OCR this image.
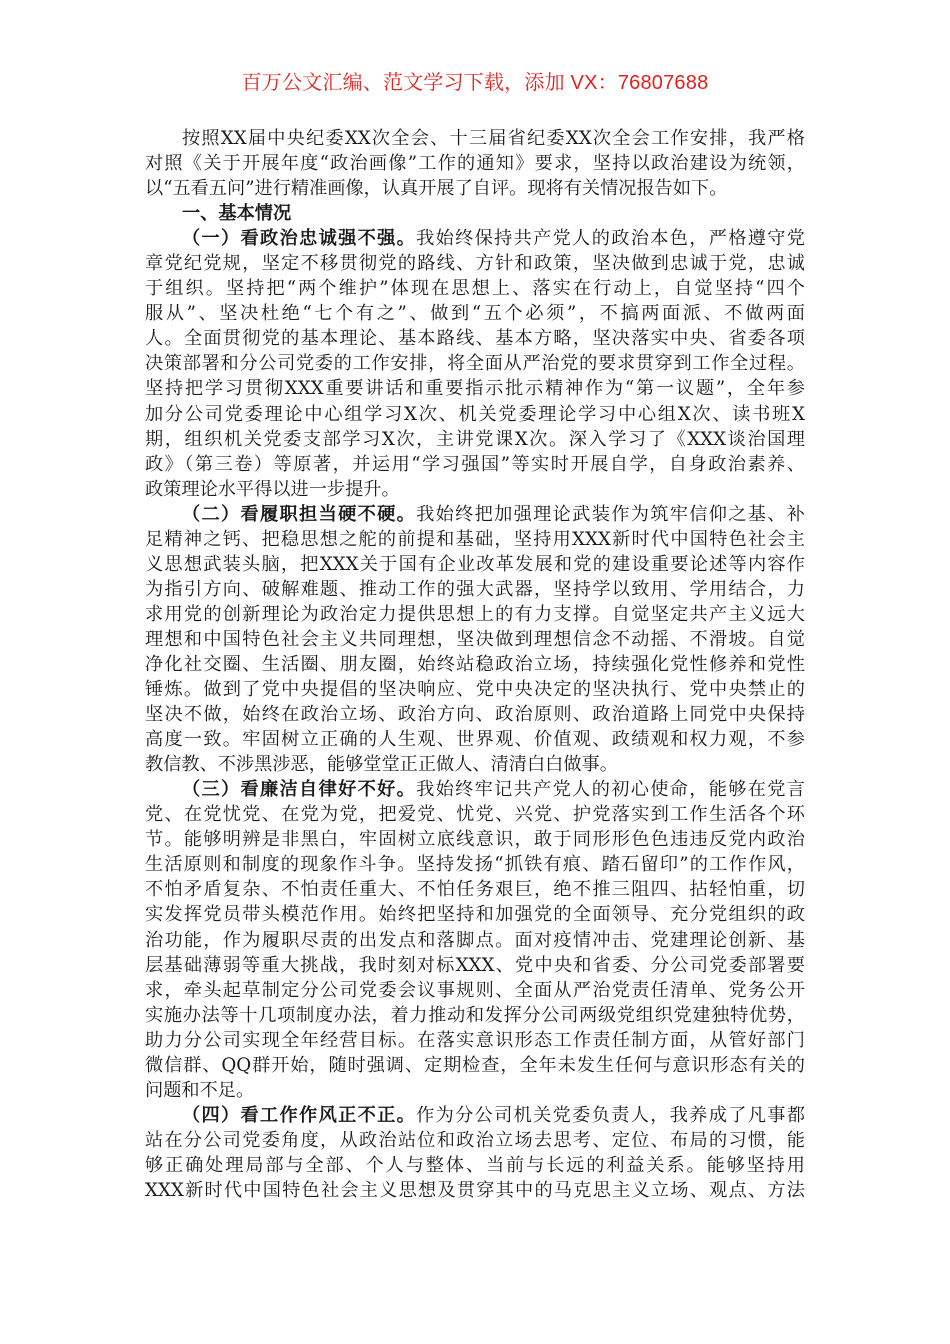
百万公文汇编、范文学习下载，添加 VX：76807688
按照XX届中央纪委XX次全会、十三届省纪委XX次全会工作安排，我严格
对照《关于开展年度“政治画像”工作的通知》要求，坚持以政治建设为统领，
以“五看五问”进行精准画像，认真开展了自评。现将有关情况报告如下。
一、基本情况
（一）看政治忠诚强不强。我始终保持共产党人的政治本色，严格遵守党
章党纪党规，坚定不移贯彻党的路线、方针和政策，坚决做到忠诚于党，忠诚
于组织。坚持把“两个维护”体现在思想上、落实在行动上，自觉坚持“四个
服从”、坚决杜绝“七个有之”、做到“五个必须”，不搞两面派、不做两面
人。全面贯彻党的基本理论、基本路线、基本方略，坚决落实中央、省委各项
决策部署和分公司党委的工作安排，将全面从严治党的要求贯穿到工作全过程。
坚持把学习贯彻XXX重要讲话和重要指示批示精神作为“第一议题”，全年参
加分公司党委理论中心组学习X次、机关党委理论学习中心组X次、读书班X
期，组织机关党委支部学习X次，主讲党课X次。深入学习了《XXX谈治国理
政》（第三卷）等原著，并运用“学习强国”等实时开展自学，自身政治素养、
政策理论水平得以进一步提升。
（二）看履职担当硬不硬。我始终把加强理论武装作为筑牢信仰之基、补
足精神之钙、把稳思想之舵的前提和基础，坚持用XXX新时代中国特色社会主
义思想武装头脑，把XXX关于国有企业改革发展和党的建设重要论述等内容作
为指引方向、破解难题、推动工作的强大武器，坚持学以致用、学用结合，力
求用党的创新理论为政治定力提供思想上的有力支撑。自觉坚定共产主义远大
理想和中国特色社会主义共同理想，坚决做到理想信念不动摇、不滑坡。自觉
净化社交圈、生活圈、朋友圈，始终站稳政治立场，持续强化党性修养和党性
锤炼。做到了党中央提倡的坚决响应、党中央决定的坚决执行、党中央禁止的
坚决不做，始终在政治立场、政治方向、政治原则、政治道路上同党中央保持
高度一致。牢固树立正确的人生观、世界观、价值观、政绩观和权力观，不参
教信教、不涉黑涉恶，能够堂堂正正做人、清清白白做事。
（三）看廉洁自律好不好。我始终牢记共产党人的初心使命，能够在党言
党、在党忧党、在党为党，把爱党、忧党、兴党、护党落实到工作生活各个环
节。能够明辨是非黑白，牢固树立底线意识，敢于同形形色色违违反党内政治
生活原则和制度的现象作斗争。坚持发扬“抓铁有痕、踏石留印”的工作作风，
不怕矛盾复杂、不怕责任重大、不怕任务艰巨，绝不推三阻四、拈轻怕重，切
实发挥党员带头模范作用。始终把坚持和加强党的全面领导、充分党组织的政
治功能，作为履职尽责的出发点和落脚点。面对疫情冲击、党建理论创新、基
层基础薄弱等重大挑战，我时刻对标XXX、党中央和省委、分公司党委部署要
求，牵头起草制定分公司党委会议事规则、全面从严治党责任清单、党务公开
实施办法等十几项制度办法，着力推动和发挥分公司两级党组织党建独特优势，
助力分公司实现全年经营目标。在落实意识形态工作责任制方面，从管好部门
微信群、QQ群开始，随时强调、定期检查，全年未发生任何与意识形态有关的
问题和不足。
（四）看工作作风正不正。作为分公司机关党委负责人，我养成了凡事都
站在分公司党委角度，从政治站位和政治立场去思考、定位、布局的习惯，能
够正确处理局部与全部、个人与整体、当前与长远的利益关系。能够坚持用
XXX新时代中国特色社会主义思想及贯穿其中的马克思主义立场、观点、方法
